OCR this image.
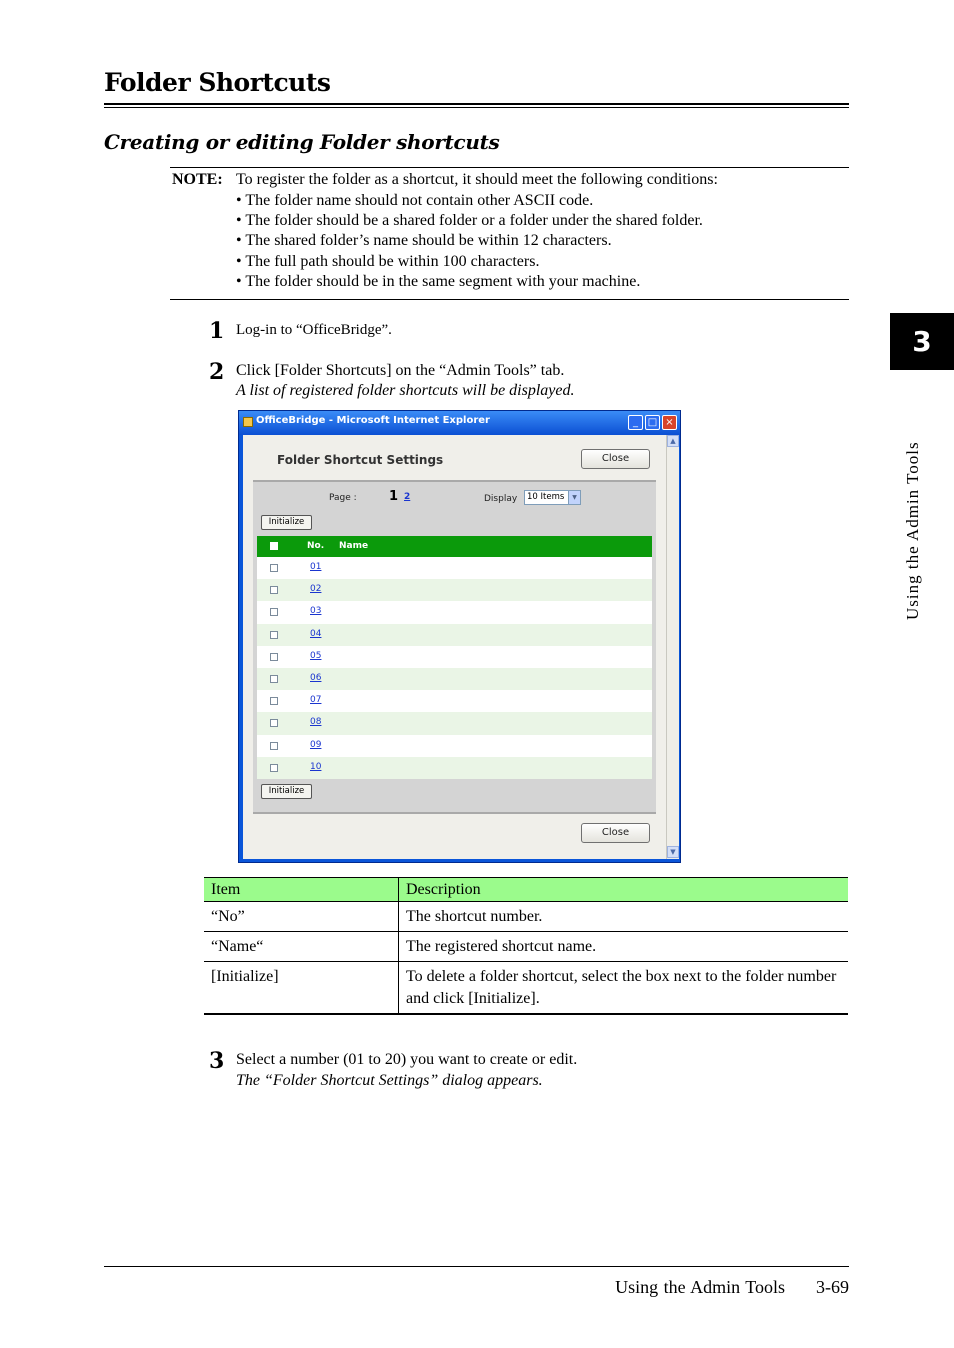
Folder Shortcuts
Creating or editing Folder shortcuts
NOTE: To register the folder as a shortcut, it should meet the following conditions:
• The folder name should not contain other ASCII code.
• The folder should be a shared folder or a folder under the shared folder.
• The shared folder’s name should be within 12 characters.
• The full path should be within 100 characters.
• The folder should be in the same segment with your machine.
1 Log-in to “OfficeBridge”.
2 Click [Folder Shortcuts] on the “Admin Tools” tab.
A list of registered folder shortcuts will be displayed.
OfficeBridge - Microsoft Internet Explorer	_ □ ×
Folder Shortcut Settings	Close
Page : 1 2	Display	10 Items	▼
Initialize
No. Name
01
02
03
04
05
06
07
08
09
10
Initialize
Close
▲
▼
Item	Description
“No”	The shortcut number.
“Name“	The registered shortcut name.
[Initialize]	To delete a folder shortcut, select the box next to the folder number and click [Initialize].
3 Select a number (01 to 20) you want to create or edit.
The “Folder Shortcut Settings” dialog appears.
3
Using the Admin Tools
Using the Admin Tools 3-69
